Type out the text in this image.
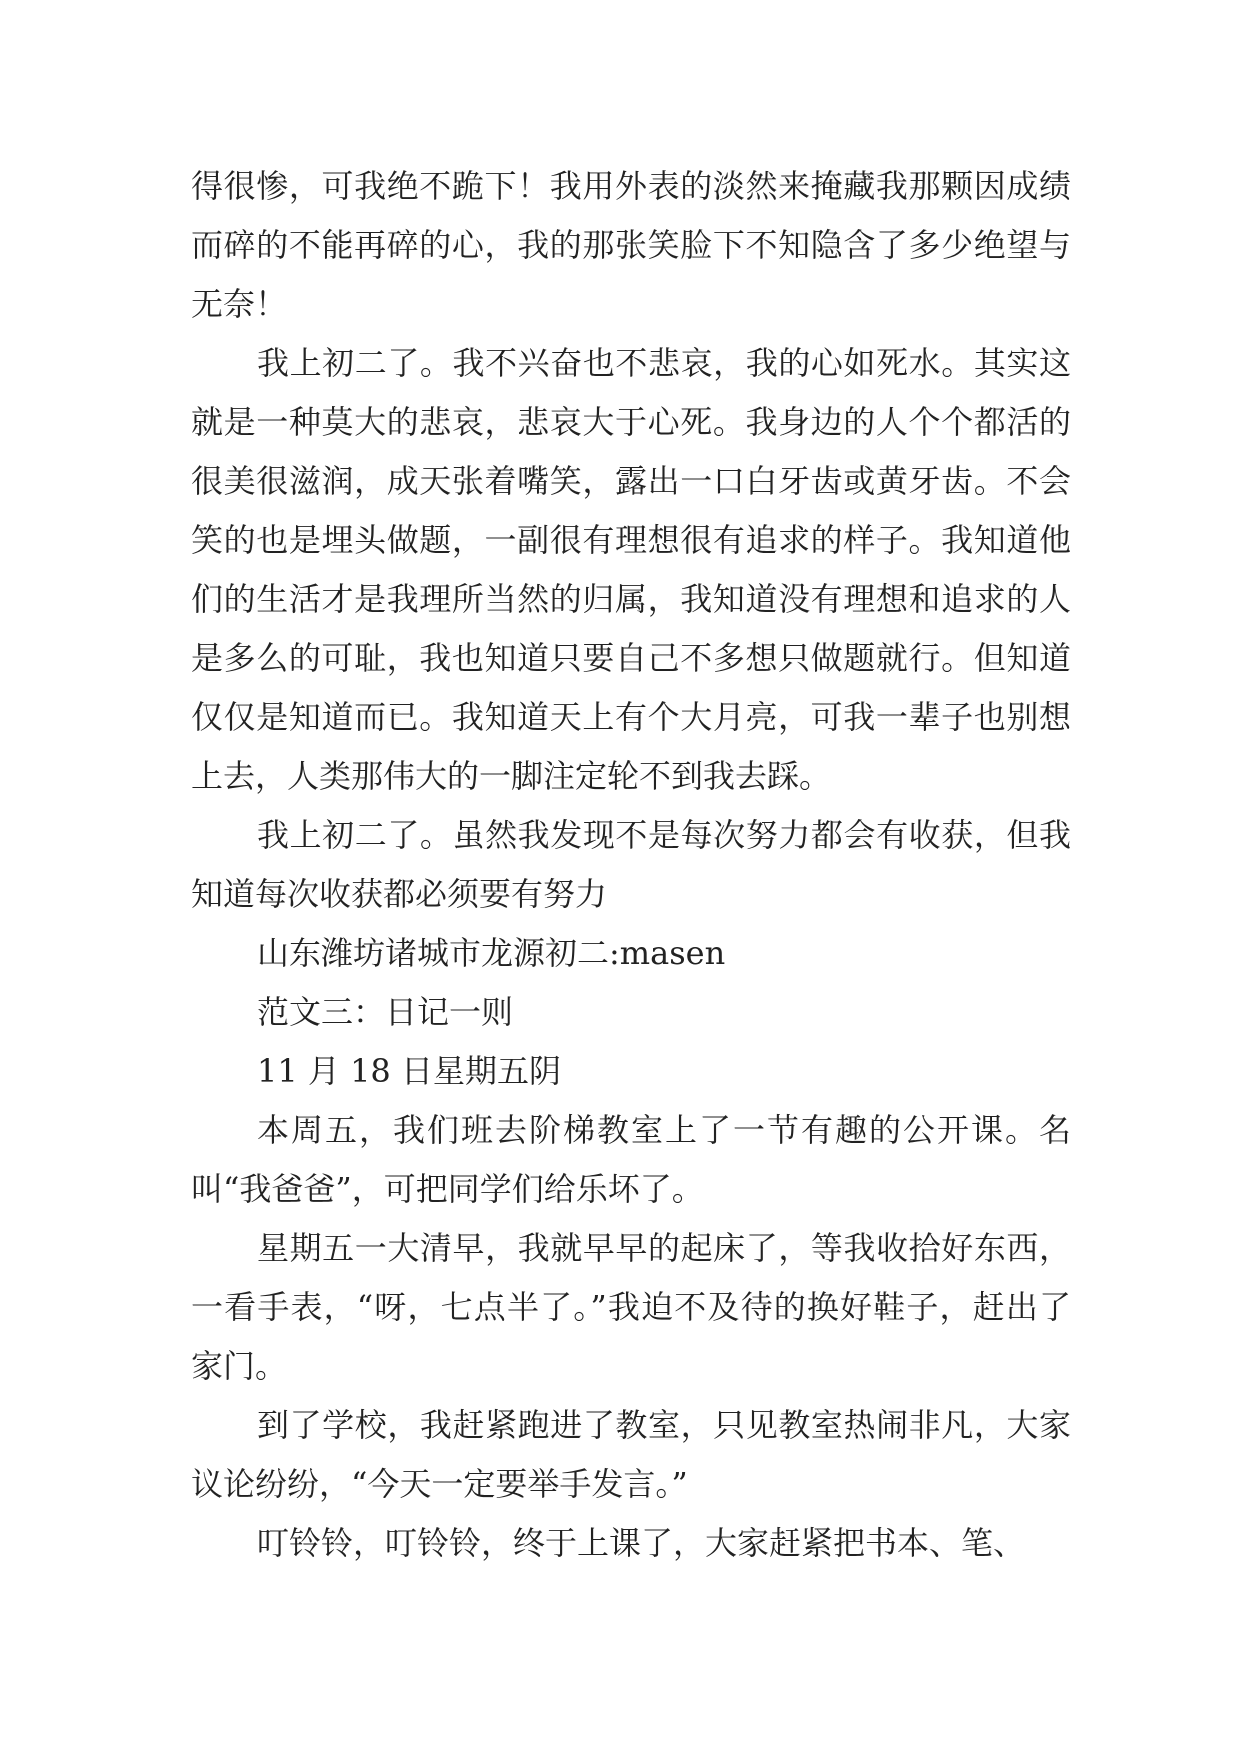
得很惨，可我绝不跪下！我用外表的淡然来掩藏我那颗因成绩而碎的不能再碎的心，我的那张笑脸下不知隐含了多少绝望与无奈！

我上初二了。我不兴奋也不悲哀，我的心如死水。其实这就是一种莫大的悲哀，悲哀大于心死。我身边的人个个都活的很美很滋润，成天张着嘴笑，露出一口白牙齿或黄牙齿。不会笑的也是埋头做题，一副很有理想很有追求的样子。我知道他们的生活才是我理所当然的归属，我知道没有理想和追求的人是多么的可耻，我也知道只要自己不多想只做题就行。但知道仅仅是知道而已。我知道天上有个大月亮，可我一辈子也别想上去，人类那伟大的一脚注定轮不到我去踩。

我上初二了。虽然我发现不是每次努力都会有收获，但我知道每次收获都必须要有努力

山东潍坊诸城市龙源初二:masen

范文三：日记一则

11 月 18 日星期五阴

本周五，我们班去阶梯教室上了一节有趣的公开课。名叫“我爸爸”，可把同学们给乐坏了。

星期五一大清早，我就早早的起床了，等我收拾好东西，一看手表，“呀，七点半了。”我迫不及待的换好鞋子，赶出了家门。

到了学校，我赶紧跑进了教室，只见教室热闹非凡，大家议论纷纷，“今天一定要举手发言。”

叮铃铃，叮铃铃，终于上课了，大家赶紧把书本、笔、
